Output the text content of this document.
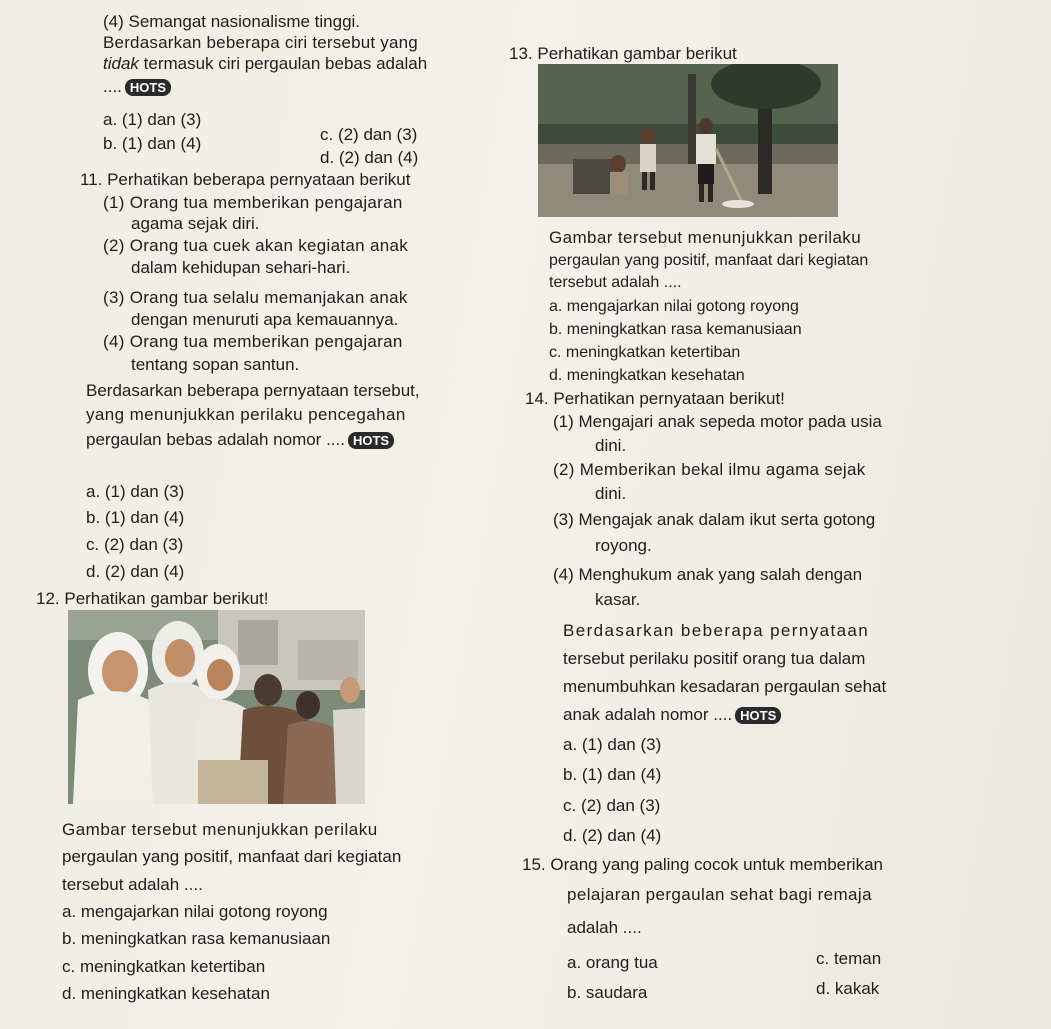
(4) Semangat nasionalisme tinggi.
Berdasarkan beberapa ciri tersebut yang
tidak termasuk ciri pergaulan bebas adalah
.... HOTS
a. (1) dan (3)
b. (1) dan (4)	c. (2) dan (3)
d. (2) dan (4)
11. Perhatikan beberapa pernyataan berikut
(1) Orang tua memberikan pengajaran
agama sejak diri.
(2) Orang tua cuek akan kegiatan anak
dalam kehidupan sehari-hari.
(3) Orang tua selalu memanjakan anak
dengan menuruti apa kemauannya.
(4) Orang tua memberikan pengajaran
tentang sopan santun.
Berdasarkan beberapa pernyataan tersebut,
yang menunjukkan perilaku pencegahan
pergaulan bebas adalah nomor .... HOTS
a. (1) dan (3)
b. (1) dan (4)
c. (2) dan (3)
d. (2) dan (4)
12. Perhatikan gambar berikut!
Gambar tersebut menunjukkan perilaku
pergaulan yang positif, manfaat dari kegiatan
tersebut adalah ....
a. mengajarkan nilai gotong royong
b. meningkatkan rasa kemanusiaan
c. meningkatkan ketertiban
d. meningkatkan kesehatan
13. Perhatikan gambar berikut
Gambar tersebut menunjukkan perilaku
pergaulan yang positif, manfaat dari kegiatan
tersebut adalah ....
a. mengajarkan nilai gotong royong
b. meningkatkan rasa kemanusiaan
c. meningkatkan ketertiban
d. meningkatkan kesehatan
14. Perhatikan pernyataan berikut!
(1) Mengajari anak sepeda motor pada usia
dini.
(2) Memberikan bekal ilmu agama sejak
dini.
(3) Mengajak anak dalam ikut serta gotong
royong.
(4) Menghukum anak yang salah dengan
kasar.
Berdasarkan beberapa pernyataan
tersebut perilaku positif orang tua dalam
menumbuhkan kesadaran pergaulan sehat
anak adalah nomor .... HOTS
a. (1) dan (3)
b. (1) dan (4)
c. (2) dan (3)
d. (2) dan (4)
15. Orang yang paling cocok untuk memberikan
pelajaran pergaulan sehat bagi remaja
adalah ....
a. orang tua
b. saudara
c. teman
d. kakak
